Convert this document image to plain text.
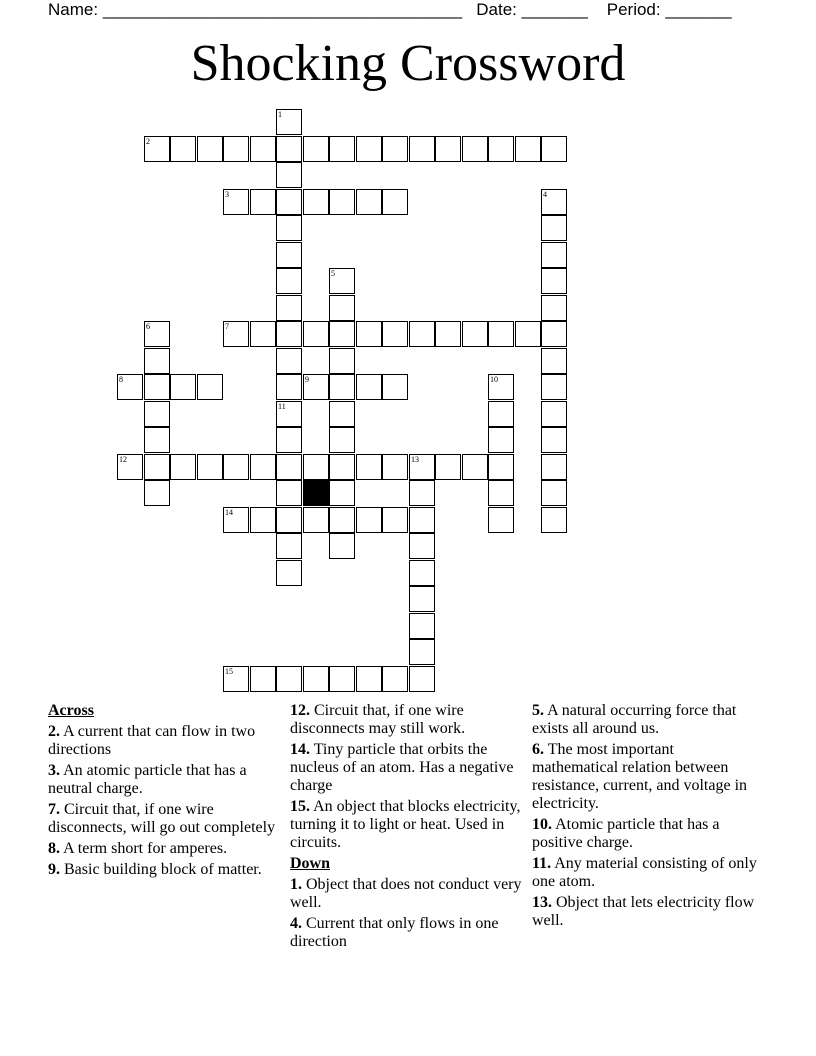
Name: ______________________________________ Date: _______ Period: _______
Shocking Crossword
1
11
2
3	4
5
6	7
8	9	10
12	13
14
15
Across
2. A current that can flow in two directions
3. An atomic particle that has a neutral charge.
7. Circuit that, if one wire disconnects, will go out completely
8. A term short for amperes.
9. Basic building block of matter.
12. Circuit that, if one wire disconnects may still work.
14. Tiny particle that orbits the nucleus of an atom. Has a negative charge
15. An object that blocks electricity, turning it to light or heat. Used in circuits.
Down
1. Object that does not conduct very well.
4. Current that only flows in one direction
5. A natural occurring force that exists all around us.
6. The most important mathematical relation between resistance, current, and voltage in electricity.
10. Atomic particle that has a positive charge.
11. Any material consisting of only one atom.
13. Object that lets electricity flow well.
